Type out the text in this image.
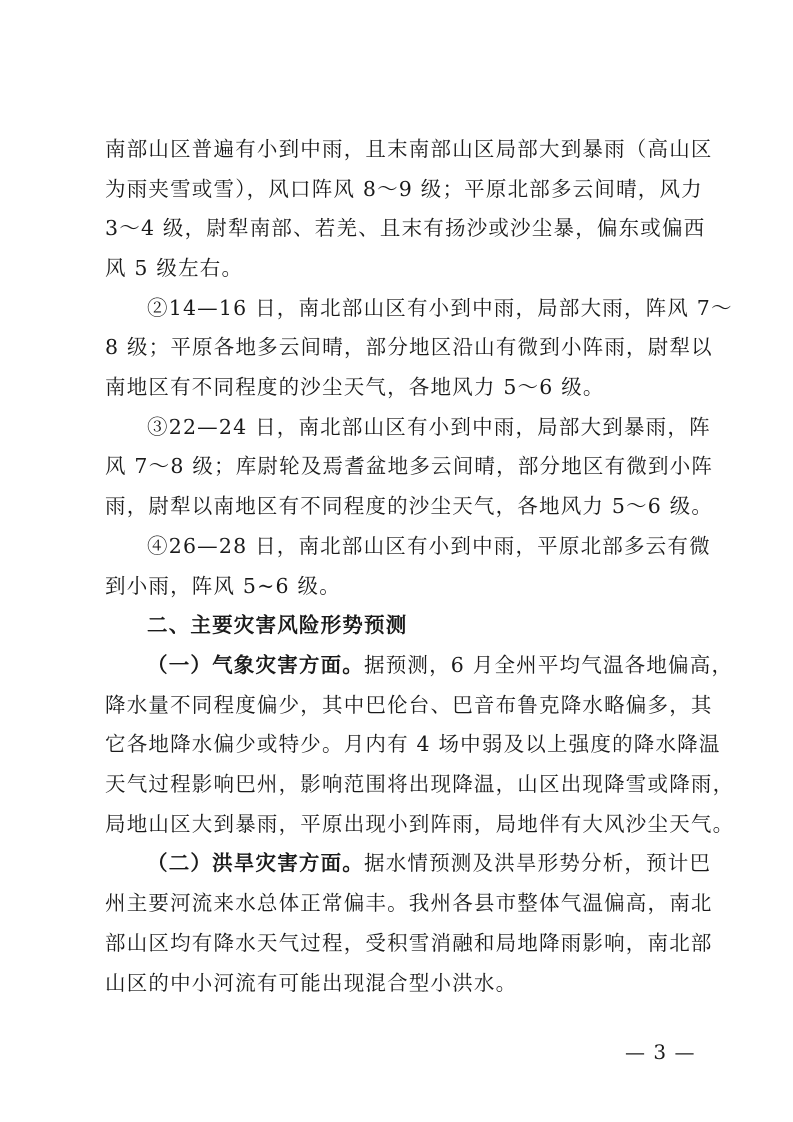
南部山区普遍有小到中雨，且末南部山区局部大到暴雨（高山区
为雨夹雪或雪），风口阵风 8～9 级；平原北部多云间晴，风力
3～4 级，尉犁南部、若羌、且末有扬沙或沙尘暴，偏东或偏西
风 5 级左右。
②14—16 日，南北部山区有小到中雨，局部大雨，阵风 7～
8 级；平原各地多云间晴，部分地区沿山有微到小阵雨，尉犁以
南地区有不同程度的沙尘天气，各地风力 5～6 级。
③22—24 日，南北部山区有小到中雨，局部大到暴雨，阵
风 7～8 级；库尉轮及焉耆盆地多云间晴，部分地区有微到小阵
雨，尉犁以南地区有不同程度的沙尘天气，各地风力 5～6 级。
④26—28 日，南北部山区有小到中雨，平原北部多云有微
到小雨，阵风 5~6 级。
二、主要灾害风险形势预测
（一）气象灾害方面。据预测，6 月全州平均气温各地偏高，
降水量不同程度偏少，其中巴伦台、巴音布鲁克降水略偏多，其
它各地降水偏少或特少。月内有 4 场中弱及以上强度的降水降温
天气过程影响巴州，影响范围将出现降温，山区出现降雪或降雨，
局地山区大到暴雨，平原出现小到阵雨，局地伴有大风沙尘天气。
（二）洪旱灾害方面。据水情预测及洪旱形势分析，预计巴
州主要河流来水总体正常偏丰。我州各县市整体气温偏高，南北
部山区均有降水天气过程，受积雪消融和局地降雨影响，南北部
山区的中小河流有可能出现混合型小洪水。
— 3 —
